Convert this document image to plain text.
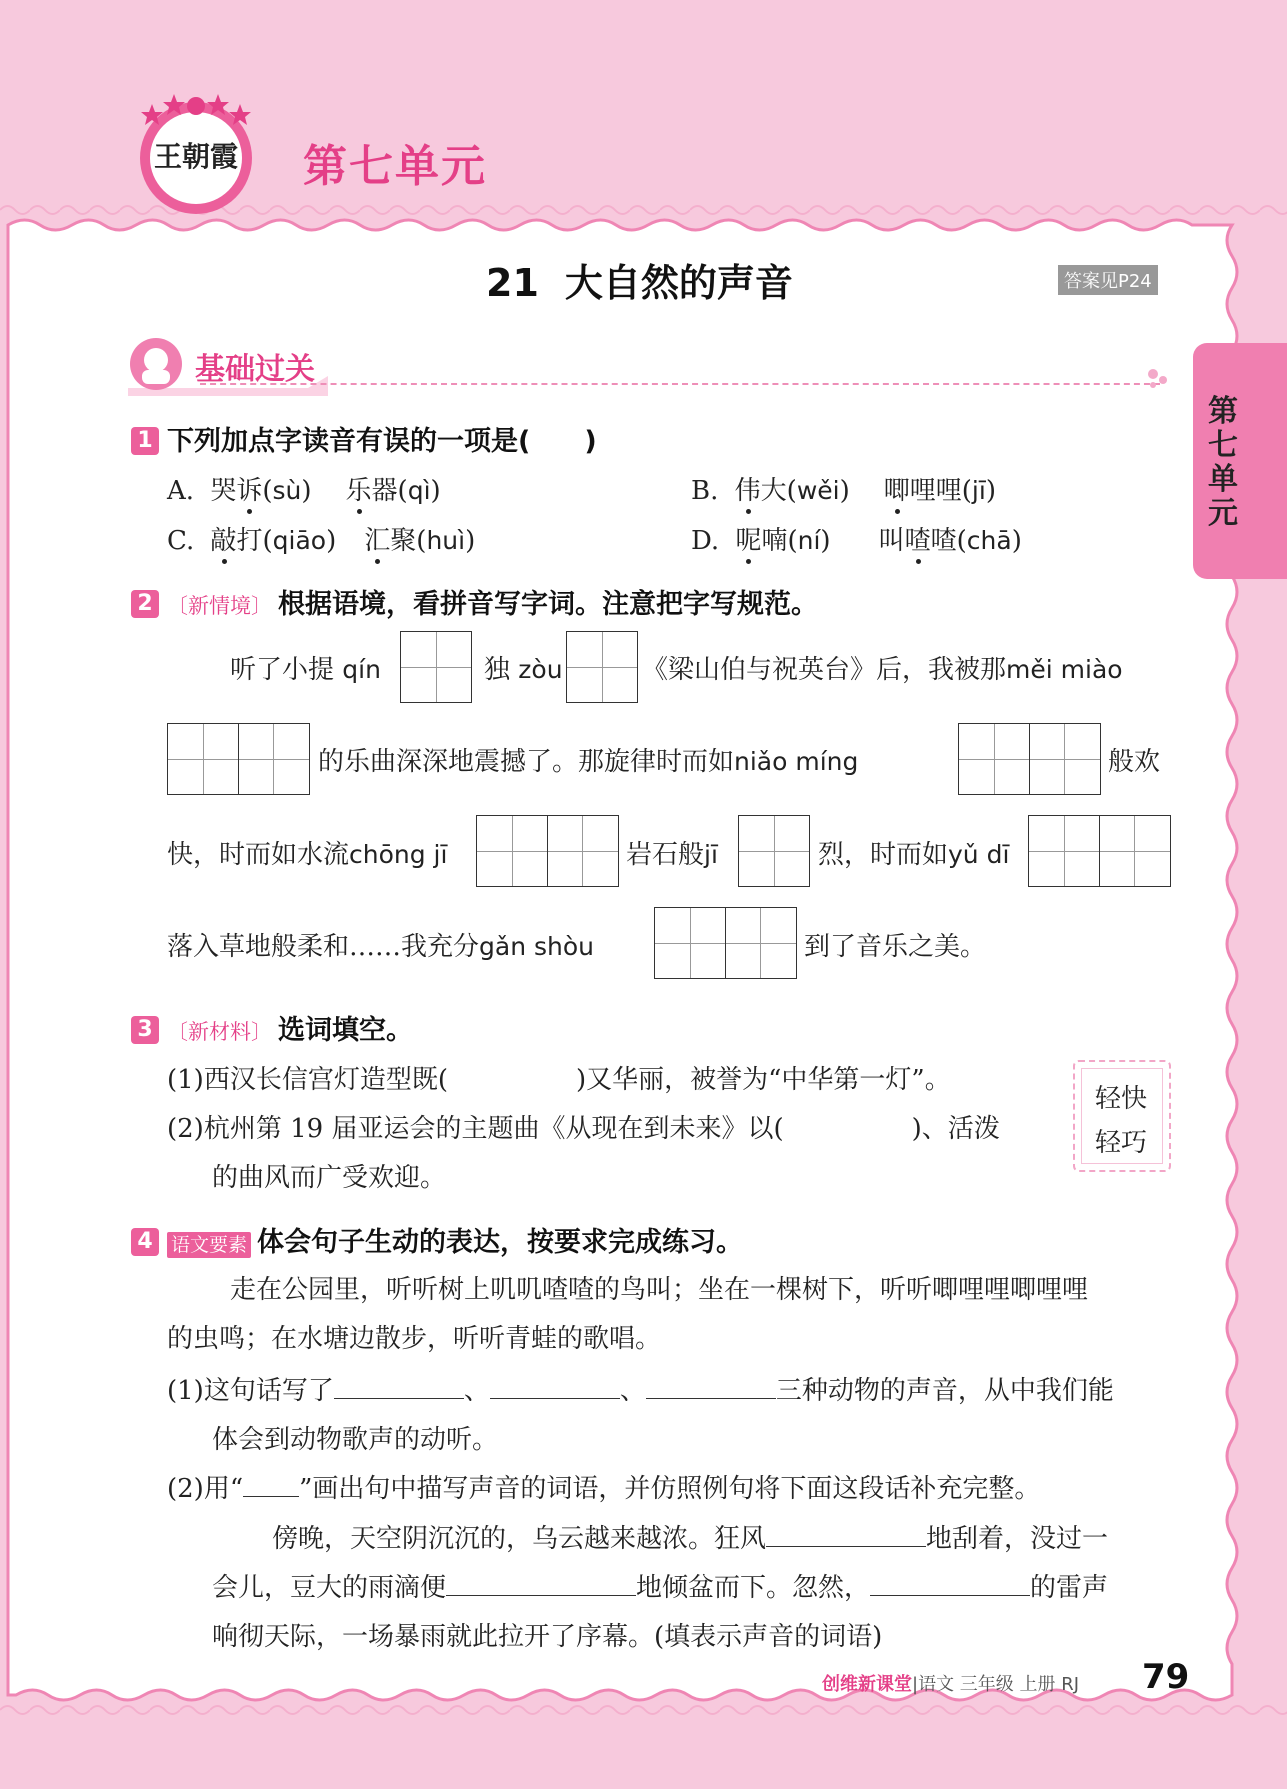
第七单元
王朝霞 第七单元
21 大自然的声音	答案见P24
基础过关
1 下列加点字读音有误的一项是(　　)
A. 哭诉(sù) 乐器(qì)	B. 伟大(wěi) 唧哩哩(jī)
C. 敲打(qiāo) 汇聚(huì)	D. 呢喃(ní) 叫喳喳(chā)
2 〔新情境〕 根据语境，看拼音写字词。注意把字写规范。
听了小提 qín	独 zòu	《梁山伯与祝英台》后，我被那měi miào
的乐曲深深地震撼了。那旋律时而如niǎo míng	般欢
快，时而如水流chōng jī	岩石般jī	烈，时而如yǔ dī
落入草地般柔和……我充分gǎn shòu	到了音乐之美。
3 〔新材料〕 选词填空。
(1)西汉长信宫灯造型既(	)又华丽，被誉为“中华第一灯”。
(2)杭州第 19 届亚运会的主题曲《从现在到未来》以(	)、活泼
的曲风而广受欢迎。
轻快
轻巧
4 语文要素 体会句子生动的表达，按要求完成练习。
走在公园里，听听树上叽叽喳喳的鸟叫；坐在一棵树下，听听唧哩哩唧哩哩
的虫鸣；在水塘边散步，听听青蛙的歌唱。
(1)这句话写了	、	、	三种动物的声音，从中我们能
体会到动物歌声的动听。
(2)用“ ”画出句中描写声音的词语，并仿照例句将下面这段话补充完整。
傍晚，天空阴沉沉的，乌云越来越浓。狂风	地刮着，没过一
会儿，豆大的雨滴便	地倾盆而下。忽然，	的雷声
响彻天际，一场暴雨就此拉开了序幕。(填表示声音的词语)
创维新课堂|语文 三年级 上册 RJ 79
